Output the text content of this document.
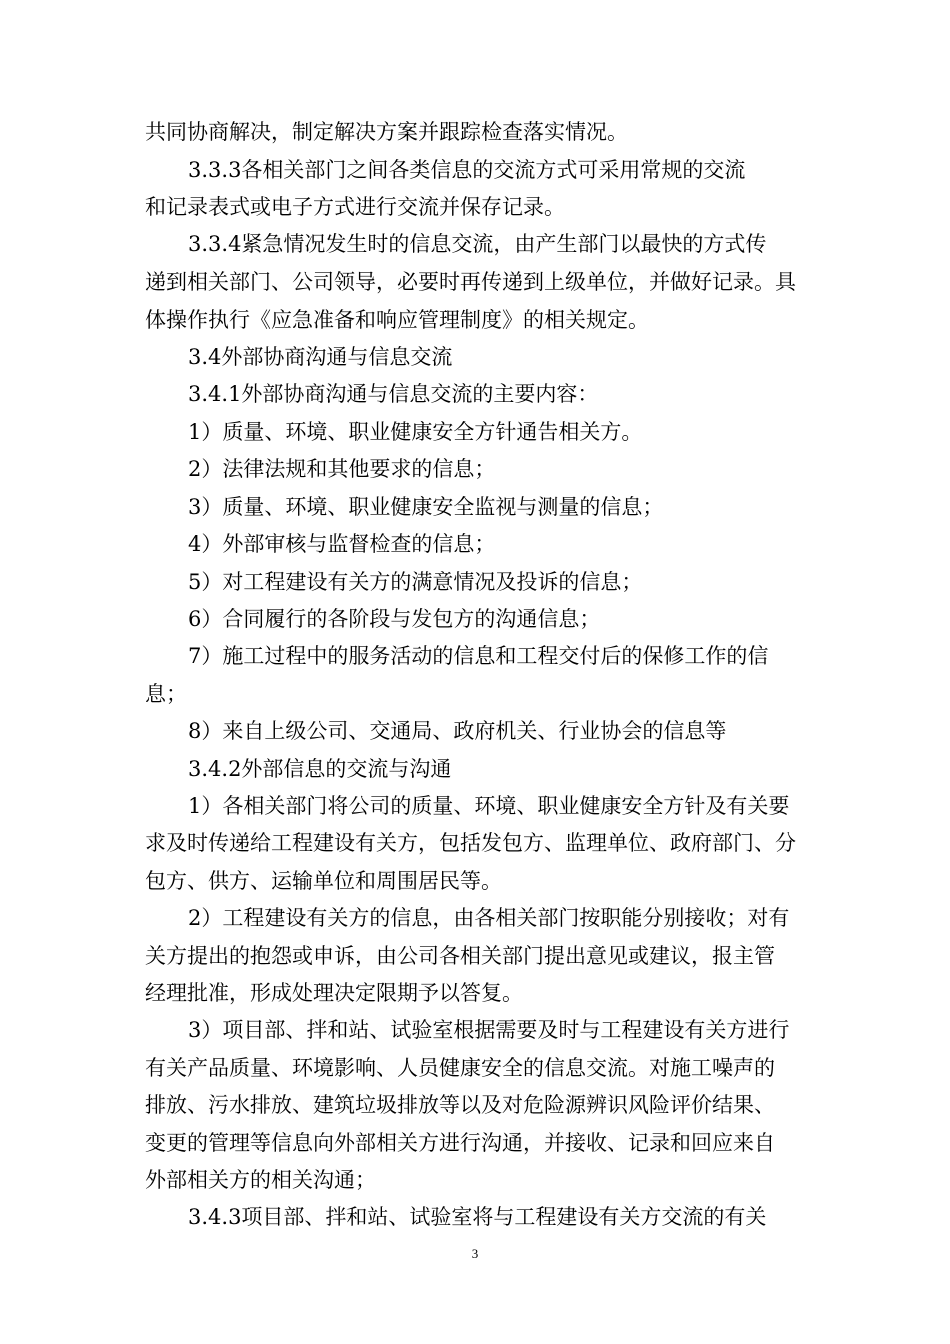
共同协商解决，制定解决方案并跟踪检查落实情况。
3.3.3各相关部门之间各类信息的交流方式可采用常规的交流
和记录表式或电子方式进行交流并保存记录。
3.3.4紧急情况发生时的信息交流，由产生部门以最快的方式传
递到相关部门、公司领导，必要时再传递到上级单位，并做好记录。具
体操作执行《应急准备和响应管理制度》的相关规定。
3.4外部协商沟通与信息交流
3.4.1外部协商沟通与信息交流的主要内容：
1）质量、环境、职业健康安全方针通告相关方。
2）法律法规和其他要求的信息；
3）质量、环境、职业健康安全监视与测量的信息；
4）外部审核与监督检查的信息；
5）对工程建设有关方的满意情况及投诉的信息；
6）合同履行的各阶段与发包方的沟通信息；
7）施工过程中的服务活动的信息和工程交付后的保修工作的信
息；
8）来自上级公司、交通局、政府机关、行业协会的信息等
3.4.2外部信息的交流与沟通
1）各相关部门将公司的质量、环境、职业健康安全方针及有关要
求及时传递给工程建设有关方，包括发包方、监理单位、政府部门、分
包方、供方、运输单位和周围居民等。
2）工程建设有关方的信息，由各相关部门按职能分别接收；对有
关方提出的抱怨或申诉，由公司各相关部门提出意见或建议，报主管
经理批准，形成处理决定限期予以答复。
3）项目部、拌和站、试验室根据需要及时与工程建设有关方进行
有关产品质量、环境影响、人员健康安全的信息交流。对施工噪声的
排放、污水排放、建筑垃圾排放等以及对危险源辨识风险评价结果、
变更的管理等信息向外部相关方进行沟通，并接收、记录和回应来自
外部相关方的相关沟通；
3.4.3项目部、拌和站、试验室将与工程建设有关方交流的有关
3
